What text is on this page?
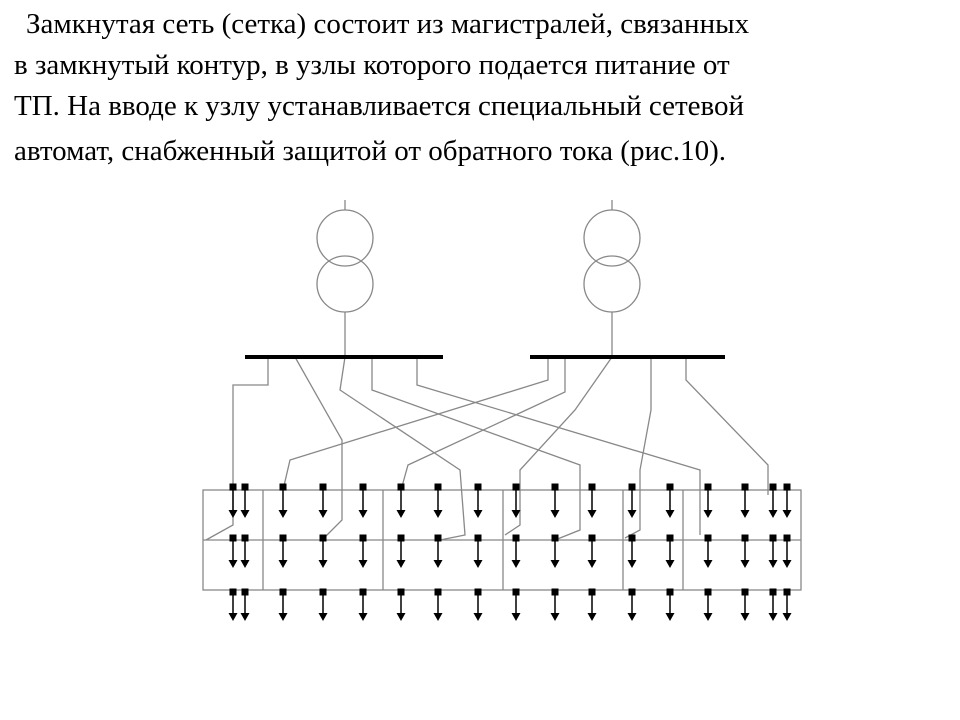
Замкнутая сеть (сетка) состоит из магистралей, связанных
в замкнутый контур, в узлы которого подается питание от
ТП. На вводе к узлу устанавливается специальный сетевой
автомат, снабженный защитой от обратного тока (рис.10).
